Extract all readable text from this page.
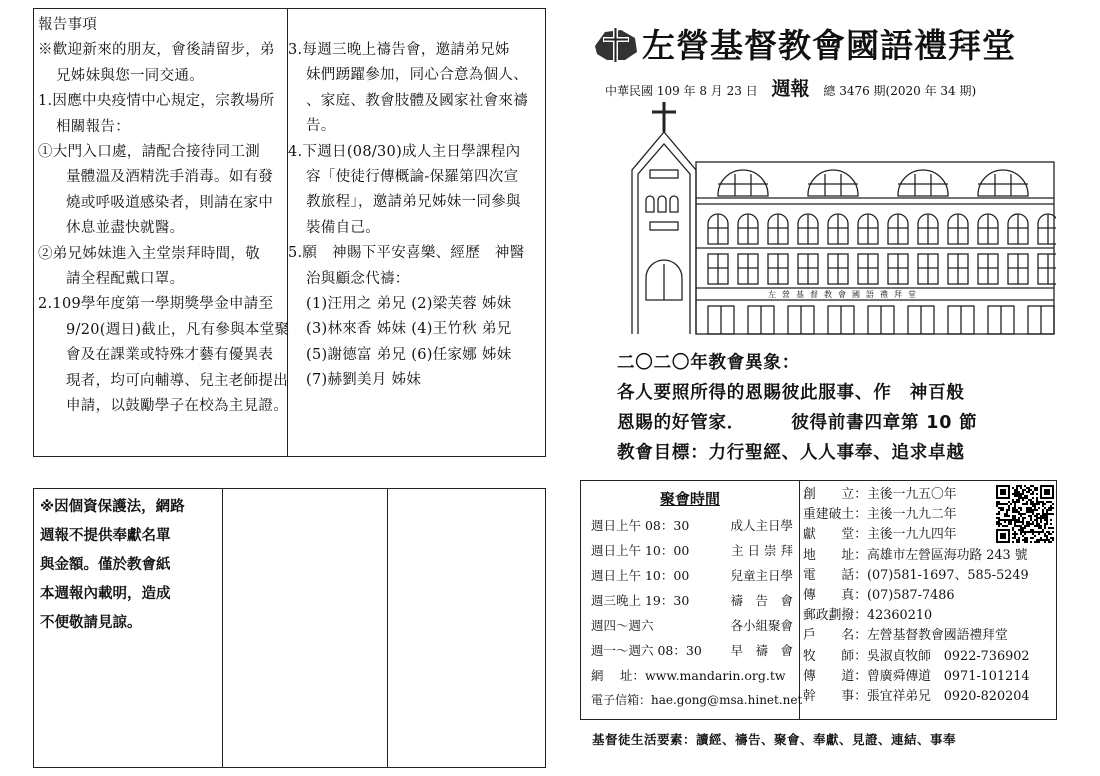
報告事項

※歡迎新來的朋友，會後請留步，弟

兄姊妹與您一同交通。

1.因應中央疫情中心規定，宗教場所

相關報告：

①大門入口處，請配合接待同工測

量體溫及酒精洗手消毒。如有發

燒或呼吸道感染者，則請在家中

休息並盡快就醫。

②弟兄姊妹進入主堂崇拜時間，敬

請全程配戴口罩。

2.109學年度第一學期獎學金申請至

9/20(週日)截止，凡有參與本堂聚

會及在課業或特殊才藝有優異表

現者，均可向輔導、兒主老師提出

申請，以鼓勵學子在校為主見證。

3.每週三晚上禱告會，邀請弟兄姊

妹們踴躍參加，同心合意為個人、

、家庭、教會肢體及國家社會來禱

告。

4.下週日(08/30)成人主日學課程內

容「使徒行傳概論-保羅第四次宣

教旅程」，邀請弟兄姊妹一同參與

裝備自己。

5.願　神賜下平安喜樂、經歷　神醫

治與顧念代禱：

(1)汪用之 弟兄 (2)梁芙蓉 姊妹

(3)林來香 姊妹 (4)王竹秋 弟兄

(5)謝德富 弟兄 (6)任家娜 姊妹

(7)赫劉美月 姊妹

※因個資保護法，網路

週報不提供奉獻名單

與金額。僅於教會紙

本週報內載明，造成

不便敬請見諒。

左營基督教會國語禮拜堂
中華民國 109 年 8 月 23 日 週報 總 3476 期(2020 年 34 期)
左營基督教會國語禮拜堂

二〇二〇年教會異象：

各人要照所得的恩賜彼此服事、作　神百般

恩賜的好管家．　　　彼得前書四章第 10 節

教會目標：力行聖經、人人事奉、追求卓越

聚會時間
週日上午 08：30	成人主日學
週日上午 10：00	主 日 崇 拜
週日上午 10：00	兒童主日學
週三晚上 19：30	禱　告　會
週四～週六	各小組聚會
週一～週六 08：30 早　禱　會
網　 址：www.mandarin.org.tw
電子信箱：hae.gong@msa.hinet.net
創　　立：主後一九五〇年
重建破土：主後一九九二年
獻　　堂：主後一九九四年
地　　址：高雄市左營區海功路 243 號
電　　話：(07)581-1697、585-5249
傳　　真：(07)587-7486
郵政劃撥：42360210
戶　　名：左營基督教會國語禮拜堂
牧　　師：吳淑貞牧師　0922-736902
傳　　道：曾廣舜傳道　0971-101214
幹　　事：張宜祥弟兄　0920-820204
基督徒生活要素：讀經、禱告、聚會、奉獻、見證、連結、事奉
